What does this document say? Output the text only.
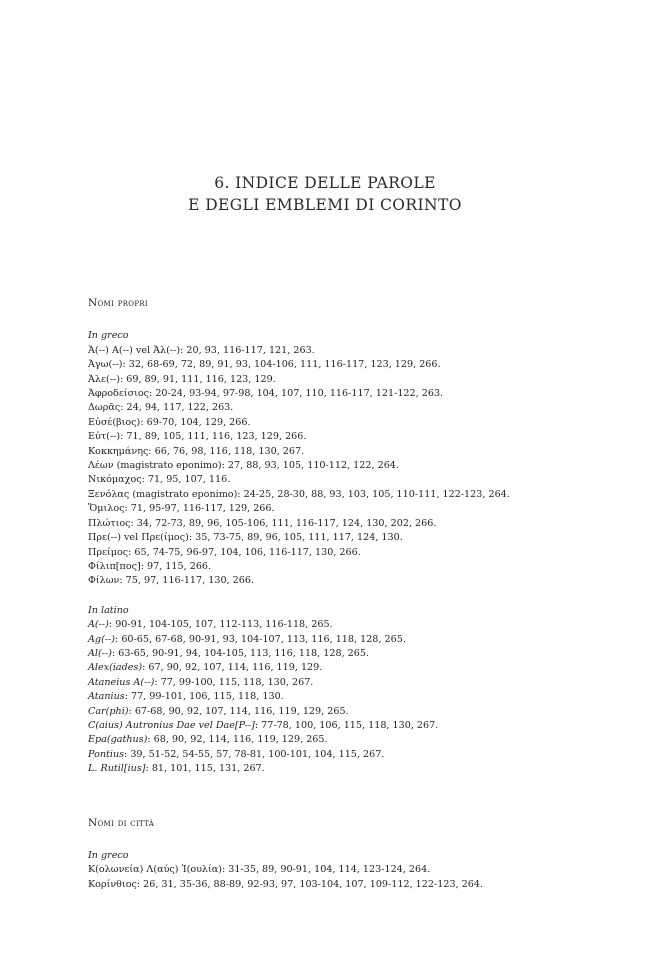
6. INDICE DELLE PAROLE
E DEGLI EMBLEMI DI CORINTO
Nomi propri
In greco
Ἀ(--) Α(--) vel Ἀλ(--): 20, 93, 116-117, 121, 263.
Ἀγω(--): 32, 68-69, 72, 89, 91, 93, 104-106, 111, 116-117, 123, 129, 266.
Ἀλε(--): 69, 89, 91, 111, 116, 123, 129.
Ἀφροδείσιος: 20-24, 93-94, 97-98, 104, 107, 110, 116-117, 121-122, 263.
Δωρᾶς: 24, 94, 117, 122, 263.
Εὐσέ(βιος): 69-70, 104, 129, 266.
Εὐτ(--): 71, 89, 105, 111, 116, 123, 129, 266.
Κοκκημάνης: 66, 76, 98, 116, 118, 130, 267.
Λέων (magistrato eponimo): 27, 88, 93, 105, 110-112, 122, 264.
Νικόμαχος: 71, 95, 107, 116.
Ξενόλας (magistrato eponimo): 24-25, 28-30, 88, 93, 103, 105, 110-111, 122-123, 264.
Ὅμιλος: 71, 95-97, 116-117, 129, 266.
Πλώτιος: 34, 72-73, 89, 96, 105-106, 111, 116-117, 124, 130, 202, 266.
Πρε(--) vel Πρε(ίμος): 35, 73-75, 89, 96, 105, 111, 117, 124, 130.
Πρείμος: 65, 74-75, 96-97, 104, 106, 116-117, 130, 266.
Φίλιπ[πος]: 97, 115, 266.
Φίλων: 75, 97, 116-117, 130, 266.
In latino
A(--): 90-91, 104-105, 107, 112-113, 116-118, 265.
Ag(--): 60-65, 67-68, 90-91, 93, 104-107, 113, 116, 118, 128, 265.
Al(--): 63-65, 90-91, 94, 104-105, 113, 116, 118, 128, 265.
Alex(iades): 67, 90, 92, 107, 114, 116, 119, 129.
Ataneius A(--): 77, 99-100, 115, 118, 130, 267.
Atanius: 77, 99-101, 106, 115, 118, 130.
Car(phi): 67-68, 90, 92, 107, 114, 116, 119, 129, 265.
C(aius) Autronius Dae vel Dae[P--]: 77-78, 100, 106, 115, 118, 130, 267.
Epa(gathus): 68, 90, 92, 114, 116, 119, 129, 265.
Pontius: 39, 51-52, 54-55, 57, 78-81, 100-101, 104, 115, 267.
L. Rutil[ius]: 81, 101, 115, 131, 267.
Nomi di città
In greco
Κ(ολωνεία) Λ(αύς) Ἰ(ουλία): 31-35, 89, 90-91, 104, 114, 123-124, 264.
Κορίνθιος: 26, 31, 35-36, 88-89, 92-93, 97, 103-104, 107, 109-112, 122-123, 264.
